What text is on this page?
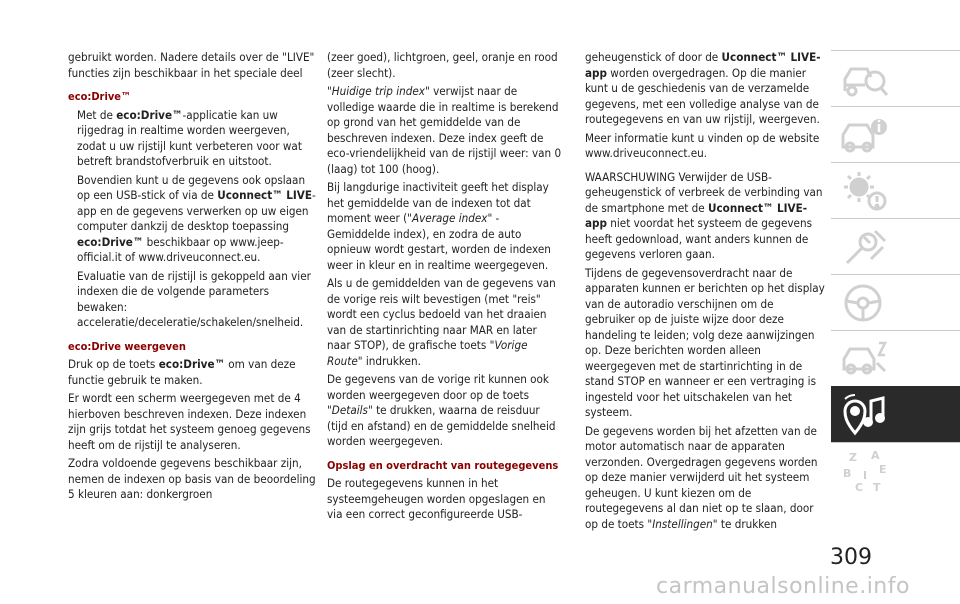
gebruikt worden. Nadere details over de "LIVE" functies zijn beschikbaar in het speciale deel

eco:Drive™

Met de eco:Drive™-applicatie kan uw rijgedrag in realtime worden weergeven, zodat u uw rijstijl kunt verbeteren voor wat betreft brandstofverbruik en uitstoot.

Bovendien kunt u de gegevens ook opslaan op een USB-stick of via de Uconnect™ LIVE-app en de gegevens verwerken op uw eigen computer dankzij de desktop toepassing eco:Drive™ beschikbaar op www.jeep-official.it of www.driveuconnect.eu.

Evaluatie van de rijstijl is gekoppeld aan vier indexen die de volgende parameters bewaken: acceleratie/deceleratie/schakelen/snelheid.

eco:Drive weergeven

Druk op de toets eco:Drive™ om van deze functie gebruik te maken.

Er wordt een scherm weergegeven met de 4 hierboven beschreven indexen. Deze indexen zijn grijs totdat het systeem genoeg gegevens heeft om de rijstijl te analyseren.

Zodra voldoende gegevens beschikbaar zijn, nemen de indexen op basis van de beoordeling 5 kleuren aan: donkergroen

(zeer goed), lichtgroen, geel, oranje en rood (zeer slecht).

"Huidige trip index" verwijst naar de volledige waarde die in realtime is berekend op grond van het gemiddelde van de beschreven indexen. Deze index geeft de eco-vriendelijkheid van de rijstijl weer: van 0 (laag) tot 100 (hoog).

Bij langdurige inactiviteit geeft het display het gemiddelde van de indexen tot dat moment weer ("Average index" - Gemiddelde index), en zodra de auto opnieuw wordt gestart, worden de indexen weer in kleur en in realtime weergegeven.

Als u de gemiddelden van de gegevens van de vorige reis wilt bevestigen (met "reis" wordt een cyclus bedoeld van het draaien van de startinrichting naar MAR en later naar STOP), de grafische toets "Vorige Route" indrukken.

De gegevens van de vorige rit kunnen ook worden weergegeven door op de toets "Details" te drukken, waarna de reisduur (tijd en afstand) en de gemiddelde snelheid worden weergegeven.

Opslag en overdracht van routegegevens

De routegegevens kunnen in het systeemgeheugen worden opgeslagen en via een correct geconfigureerde USB-

geheugenstick of door de Uconnect™ LIVE-app worden overgedragen. Op die manier kunt u de geschiedenis van de verzamelde gegevens, met een volledige analyse van de routegegevens en van uw rijstijl, weergeven.

Meer informatie kunt u vinden op de website www.driveuconnect.eu.

WAARSCHUWING Verwijder de USB-geheugenstick of verbreek de verbinding van de smartphone met de Uconnect™ LIVE-app niet voordat het systeem de gegevens heeft gedownload, want anders kunnen de gegevens verloren gaan.

Tijdens de gegevensoverdracht naar de apparaten kunnen er berichten op het display van de autoradio verschijnen om de gebruiker op de juiste wijze door deze handeling te leiden; volg deze aanwijzingen op. Deze berichten worden alleen weergegeven met de startinrichting in de stand STOP en wanneer er een vertraging is ingesteld voor het uitschakelen van het systeem.

De gegevens worden bij het afzetten van de motor automatisch naar de apparaten verzonden. Overgedragen gegevens worden op deze manier verwijderd uit het systeem geheugen. U kunt kiezen om de routegegevens al dan niet op te slaan, door op de toets "Instellingen" te drukken

Z A
B
C
E
I
T
309
carmanualsonline.info
